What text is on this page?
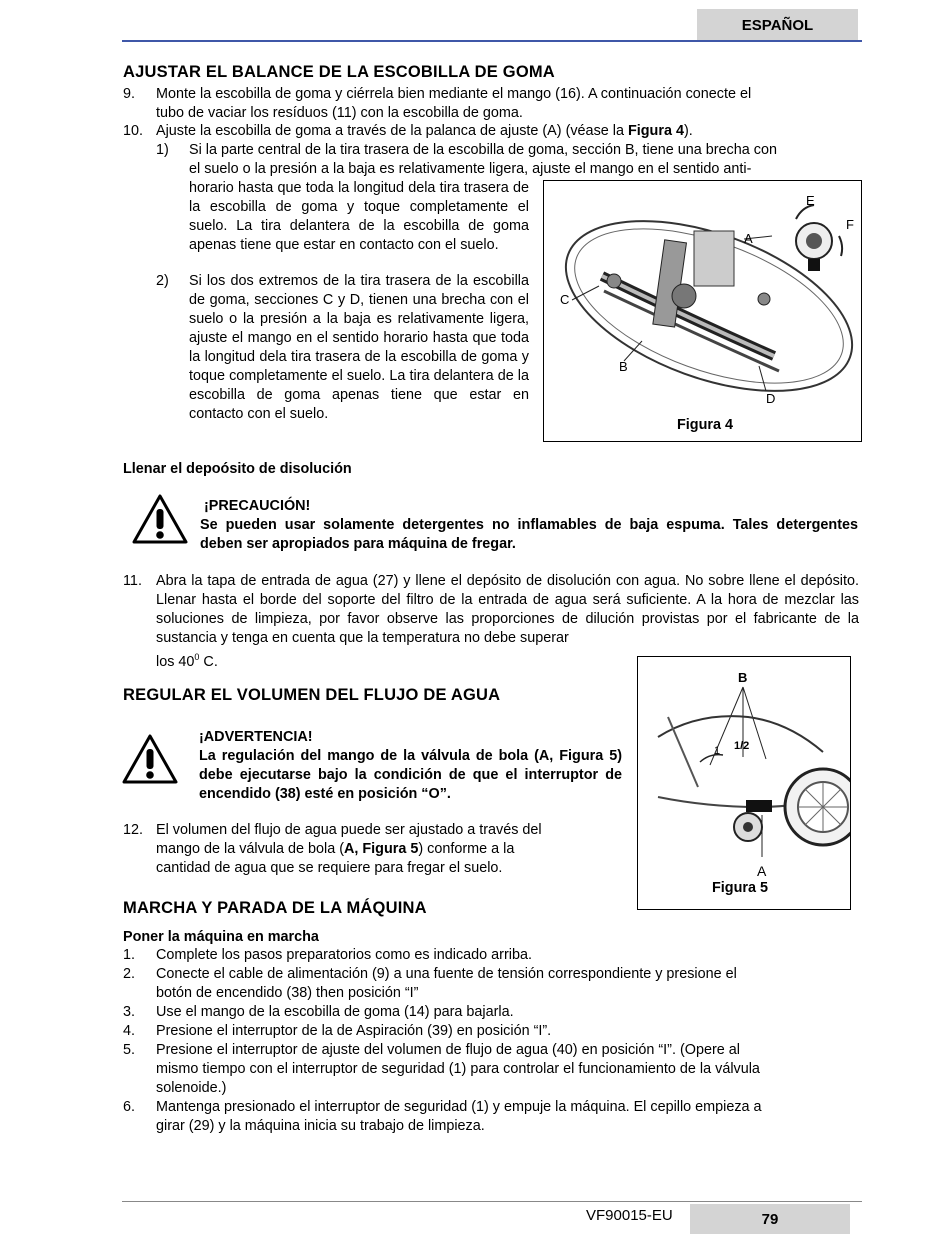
ESPAÑOL
AJUSTAR EL BALANCE DE LA ESCOBILLA DE GOMA
9. Monte la escobilla de goma y ciérrela bien mediante el mango (16). A continuación conecte el
tubo de vaciar los resíduos (11) con la escobilla de goma.
10. Ajuste la escobilla de goma a través de la palanca de ajuste (A) (véase la Figura 4).
1) Si la parte central de la tira trasera de la escobilla de goma, sección B, tiene una brecha con
el suelo o la presión a la baja es relativamente ligera, ajuste el mango en el sentido anti-
horario hasta que toda la longitud dela tira trasera de la escobilla de goma y toque completamente el suelo. La tira delantera de la escobilla de goma apenas tiene que estar en contacto con el suelo.
2) Si los dos extremos de la tira trasera de la escobilla de goma, secciones C y D, tienen una brecha con el suelo o la presión a la baja es relativamente ligera, ajuste el mango en el sentido horario hasta que toda la longitud dela tira trasera de la escobilla de goma y toque completamente el suelo. La tira delantera de la escobilla de goma apenas tiene que estar en contacto con el suelo.
A
C
B
D
E
F
Figura 4
Llenar el depoósito de disolución
¡PRECAUCIÓN!
Se pueden usar solamente detergentes no inflamables de baja espuma. Tales detergentes deben ser apropiados para máquina de fregar.
11. Abra la tapa de entrada de agua (27) y llene el depósito de disolución con agua. No sobre llene el depósito. Llenar hasta el borde del soporte del filtro de la entrada de agua será suficiente. A la hora de mezclar las soluciones de limpieza, por favor observe las proporciones de dilución provistas por el fabricante de la sustancia y tenga en cuenta que la temperatura no debe superar
los $40^0$ C.
REGULAR EL VOLUMEN DEL FLUJO DE AGUA
¡ADVERTENCIA!
La regulación del mango de la válvula de bola (A, Figura 5) debe ejecutarse bajo la condición de que el interruptor de encendido (38) esté en posición “O”.
12. El volumen del flujo de agua puede ser ajustado a través del
mango de la válvula de bola (A, Figura 5) conforme a la
cantidad de agua que se requiere para fregar el suelo.
B
1 1/2
A
Figura 5
MARCHA Y PARADA DE LA MÁQUINA
Poner la máquina en marcha
1. Complete los pasos preparatorios como es indicado arriba.
2. Conecte el cable de alimentación (9) a una fuente de tensión correspondiente y presione el
botón de encendido (38) then posición “I”
3. Use el mango de la escobilla de goma (14) para bajarla.
4. Presione el interruptor de la de Aspiración (39) en posición “I”.
5. Presione el interruptor de ajuste del volumen de flujo de agua (40) en posición “I”. (Opere al
mismo tiempo con el interruptor de seguridad (1) para controlar el funcionamiento de la válvula
solenoide.)
6. Mantenga presionado el interruptor de seguridad (1) y empuje la máquina. El cepillo empieza a
girar (29) y la máquina inicia su trabajo de limpieza.
VF90015-EU	79
